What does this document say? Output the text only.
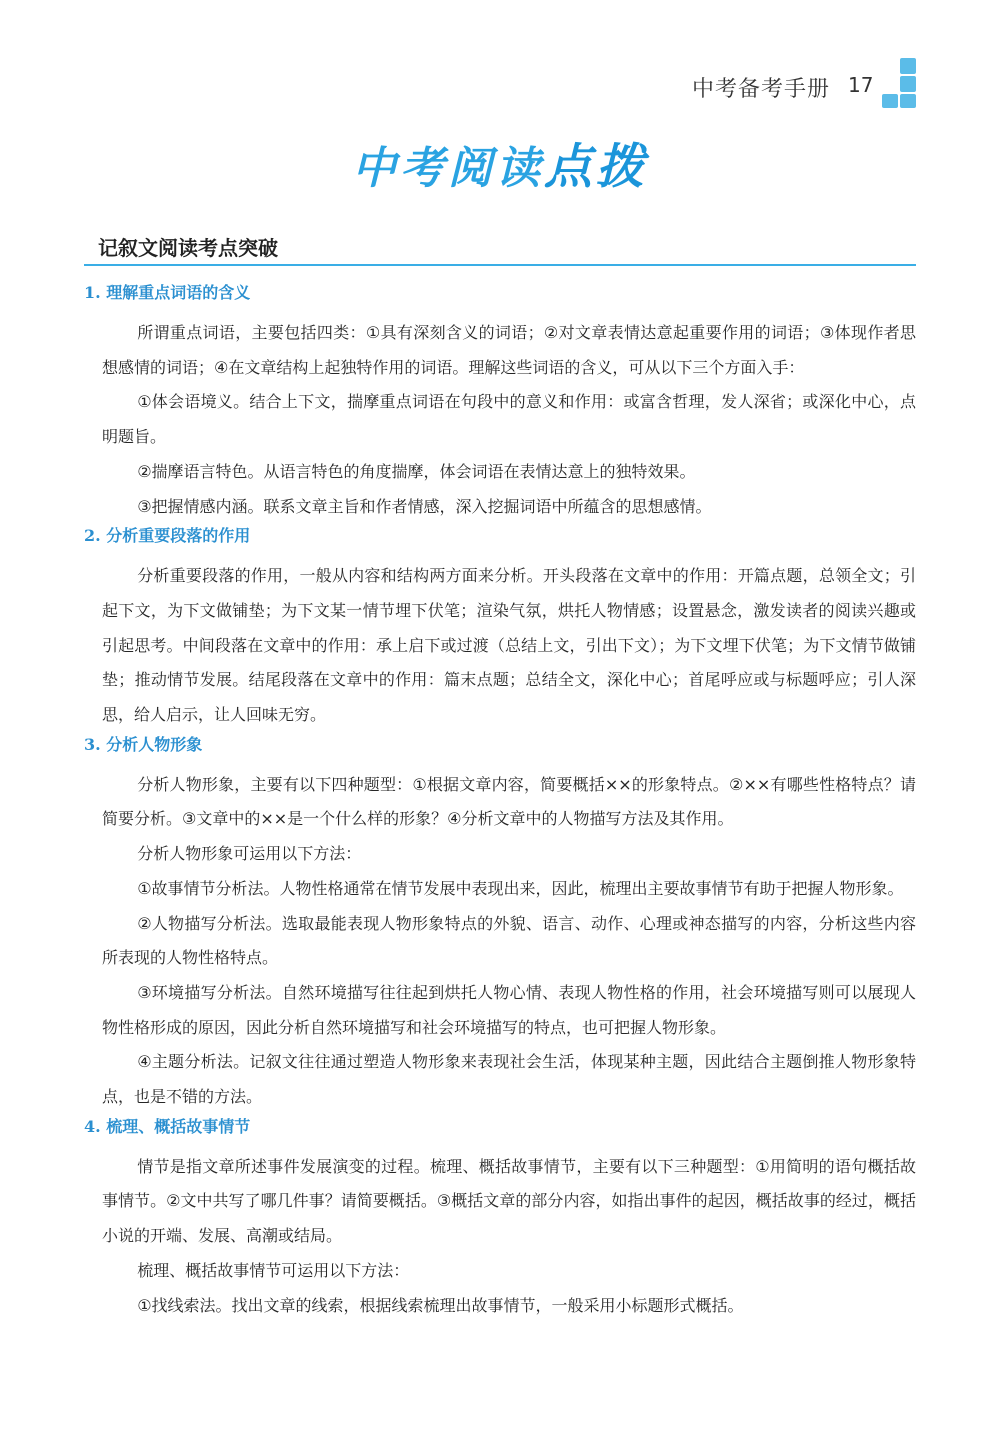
中考备考手册 17
中考阅读点拨
记叙文阅读考点突破
1. 理解重点词语的含义

所谓重点词语，主要包括四类：①具有深刻含义的词语；②对文章表情达意起重要作用的词语；③体现作者思想感情的词语；④在文章结构上起独特作用的词语。理解这些词语的含义，可从以下三个方面入手：

①体会语境义。结合上下文，揣摩重点词语在句段中的意义和作用：或富含哲理，发人深省；或深化中心，点明题旨。

②揣摩语言特色。从语言特色的角度揣摩，体会词语在表情达意上的独特效果。

③把握情感内涵。联系文章主旨和作者情感，深入挖掘词语中所蕴含的思想感情。

2. 分析重要段落的作用

分析重要段落的作用，一般从内容和结构两方面来分析。开头段落在文章中的作用：开篇点题，总领全文；引起下文，为下文做铺垫；为下文某一情节埋下伏笔；渲染气氛，烘托人物情感；设置悬念，激发读者的阅读兴趣或引起思考。中间段落在文章中的作用：承上启下或过渡（总结上文，引出下文）；为下文埋下伏笔；为下文情节做铺垫；推动情节发展。结尾段落在文章中的作用：篇末点题；总结全文，深化中心；首尾呼应或与标题呼应；引人深思，给人启示，让人回味无穷。

3. 分析人物形象

分析人物形象，主要有以下四种题型：①根据文章内容，简要概括××的形象特点。②××有哪些性格特点？请简要分析。③文章中的××是一个什么样的形象？④分析文章中的人物描写方法及其作用。

分析人物形象可运用以下方法：

①故事情节分析法。人物性格通常在情节发展中表现出来，因此，梳理出主要故事情节有助于把握人物形象。

②人物描写分析法。选取最能表现人物形象特点的外貌、语言、动作、心理或神态描写的内容，分析这些内容所表现的人物性格特点。

③环境描写分析法。自然环境描写往往起到烘托人物心情、表现人物性格的作用，社会环境描写则可以展现人物性格形成的原因，因此分析自然环境描写和社会环境描写的特点，也可把握人物形象。

④主题分析法。记叙文往往通过塑造人物形象来表现社会生活，体现某种主题，因此结合主题倒推人物形象特点，也是不错的方法。

4. 梳理、概括故事情节

情节是指文章所述事件发展演变的过程。梳理、概括故事情节，主要有以下三种题型：①用简明的语句概括故事情节。②文中共写了哪几件事？请简要概括。③概括文章的部分内容，如指出事件的起因，概括故事的经过，概括小说的开端、发展、高潮或结局。

梳理、概括故事情节可运用以下方法：

①找线索法。找出文章的线索，根据线索梳理出故事情节，一般采用小标题形式概括。
